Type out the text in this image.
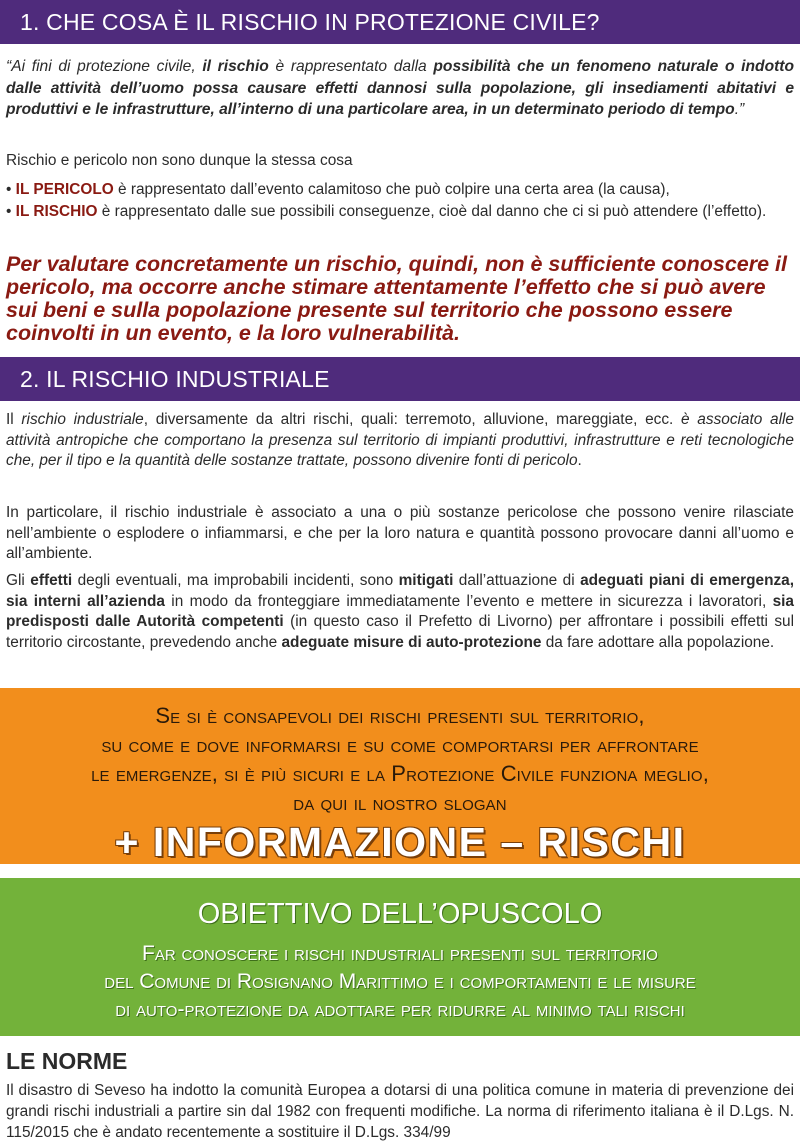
1. CHE COSA È IL RISCHIO IN PROTEZIONE CIVILE?

“Ai fini di protezione civile, il rischio è rappresentato dalla possibilità che un fenomeno naturale o indotto dalle attività dell’uomo possa causare effetti dannosi sulla popolazione, gli insediamenti abitativi e produttivi e le infrastrutture, all’interno di una particolare area, in un determinato periodo di tempo.”

Rischio e pericolo non sono dunque la stessa cosa

• IL PERICOLO è rappresentato dall’evento calamitoso che può colpire una certa area (la causa),

• IL RISCHIO è rappresentato dalle sue possibili conseguenze, cioè dal danno che ci si può attendere (l’effetto).

Per valutare concretamente un rischio, quindi, non è sufficiente conoscere il pericolo, ma occorre anche stimare attentamente l’effetto che si può avere sui beni e sulla popolazione presente sul territorio che possono essere coinvolti in un evento, e la loro vulnerabilità.

2. IL RISCHIO INDUSTRIALE

Il rischio industriale, diversamente da altri rischi, quali: terremoto, alluvione, mareggiate, ecc. è associato alle attività antropiche che comportano la presenza sul territorio di impianti produttivi, infrastrutture e reti tecnologiche che, per il tipo e la quantità delle sostanze trattate, possono divenire fonti di pericolo.

In particolare, il rischio industriale è associato a una o più sostanze pericolose che possono venire rilasciate nell’ambiente o esplodere o infiammarsi, e che per la loro natura e quantità possono provocare danni all’uomo e all’ambiente.

Gli effetti degli eventuali, ma improbabili incidenti, sono mitigati dall’attuazione di adeguati piani di emergenza, sia interni all’azienda in modo da fronteggiare immediatamente l’evento e mettere in sicurezza i lavoratori, sia predisposti dalle Autorità competenti (in questo caso il Prefetto di Livorno) per affrontare i possibili effetti sul territorio circostante, prevedendo anche adeguate misure di auto-protezione da fare adottare alla popolazione.

Se si è consapevoli dei rischi presenti sul territorio,
su come e dove informarsi e su come comportarsi per affrontare
le emergenze, si è più sicuri e la Protezione Civile funziona meglio,
da qui il nostro slogan
+ INFORMAZIONE – RISCHI
OBIETTIVO DELL’OPUSCOLO
Far conoscere i rischi industriali presenti sul territorio
del Comune di Rosignano Marittimo e i comportamenti e le misure
di auto-protezione da adottare per ridurre al minimo tali rischi
LE NORME

Il disastro di Seveso ha indotto la comunità Europea a dotarsi di una politica comune in materia di prevenzione dei grandi rischi industriali a partire sin dal 1982 con frequenti modifiche. La norma di riferimento italiana è il D.Lgs. N. 115/2015 che è andato recentemente a sostituire il D.Lgs. 334/99
